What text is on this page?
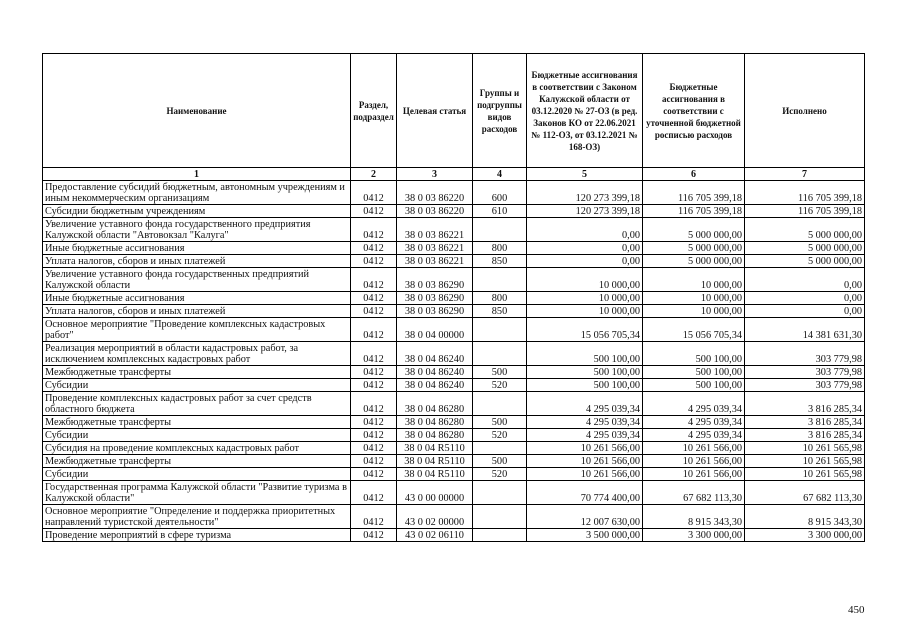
Наименование	Раздел, подраздел	Целевая статья	Группы и подгруппы видов расходов	Бюджетные ассигнования в соответствии с Законом Калужской области от 03.12.2020 № 27-ОЗ (в ред. Законов КО от 22.06.2021 № 112-ОЗ, от 03.12.2021 № 168-ОЗ)	Бюджетные ассигнования в соответствии с уточненной бюджетной росписью расходов	Исполнено
1	2	3	4	5	6	7
Предоставление субсидий бюджетным, автономным учреждениям и иным некоммерческим организациям	0412	38 0 03 86220	600	120 273 399,18	116 705 399,18	116 705 399,18
Субсидии бюджетным учреждениям	0412	38 0 03 86220	610	120 273 399,18	116 705 399,18	116 705 399,18
Увеличение уставного фонда государственного предприятия Калужской области "Автовокзал "Калуга"	0412	38 0 03 86221		0,00	5 000 000,00	5 000 000,00
Иные бюджетные ассигнования	0412	38 0 03 86221	800	0,00	5 000 000,00	5 000 000,00
Уплата налогов, сборов и иных платежей	0412	38 0 03 86221	850	0,00	5 000 000,00	5 000 000,00
Увеличение уставного фонда государственных предприятий Калужской области	0412	38 0 03 86290		10 000,00	10 000,00	0,00
Иные бюджетные ассигнования	0412	38 0 03 86290	800	10 000,00	10 000,00	0,00
Уплата налогов, сборов и иных платежей	0412	38 0 03 86290	850	10 000,00	10 000,00	0,00
Основное мероприятие "Проведение комплексных кадастровых работ"	0412	38 0 04 00000		15 056 705,34	15 056 705,34	14 381 631,30
Реализация мероприятий в области кадастровых работ, за исключением комплексных кадастровых работ	0412	38 0 04 86240		500 100,00	500 100,00	303 779,98
Межбюджетные трансферты	0412	38 0 04 86240	500	500 100,00	500 100,00	303 779,98
Субсидии	0412	38 0 04 86240	520	500 100,00	500 100,00	303 779,98
Проведение комплексных кадастровых работ за счет средств областного бюджета	0412	38 0 04 86280		4 295 039,34	4 295 039,34	3 816 285,34
Межбюджетные трансферты	0412	38 0 04 86280	500	4 295 039,34	4 295 039,34	3 816 285,34
Субсидии	0412	38 0 04 86280	520	4 295 039,34	4 295 039,34	3 816 285,34
Субсидия на проведение комплексных кадастровых работ	0412	38 0 04 R5110		10 261 566,00	10 261 566,00	10 261 565,98
Межбюджетные трансферты	0412	38 0 04 R5110	500	10 261 566,00	10 261 566,00	10 261 565,98
Субсидии	0412	38 0 04 R5110	520	10 261 566,00	10 261 566,00	10 261 565,98
Государственная программа Калужской области "Развитие туризма в Калужской области"	0412	43 0 00 00000		70 774 400,00	67 682 113,30	67 682 113,30
Основное мероприятие "Определение и поддержка приоритетных направлений туристской деятельности"	0412	43 0 02 00000		12 007 630,00	8 915 343,30	8 915 343,30
Проведение мероприятий в сфере туризма	0412	43 0 02 06110		3 500 000,00	3 300 000,00	3 300 000,00
450
